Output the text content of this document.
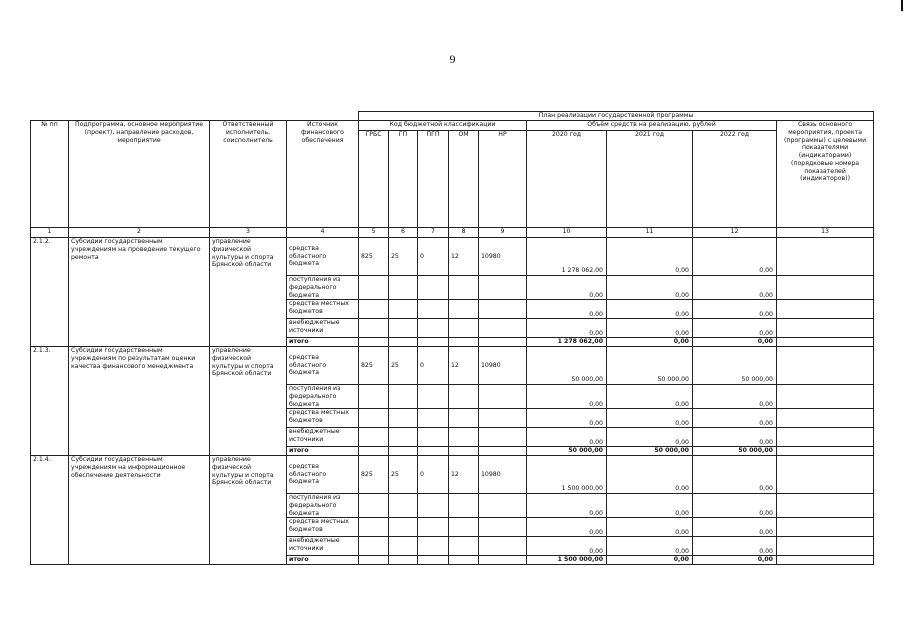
9
				План реализации государственной программы								
№ пп	Подпрограмма, основное мероприятие (проект), направление расходов, мероприятие	Ответственный исполнитель, соисполнитель	Источник финансового обеспечения	Код бюджетной классификации					Объём средств на реализацию, рублей			Связь основного мероприятия, проекта (программы) с целевыми показателями (индикаторами) (порядковые номера показателей (индикаторов))
				ГРБС	ГП	ПГП	ОМ	НР	2020 год	2021 год	2022 год	
1	2	3	4	5	6	7	8	9	10	11	12	13
2.1.2.	Субсидии государственным учреждениям на проведение текущего ремонта	управление физической культуры и спорта Брянской области	средства областного бюджета	825	25	0	12	10980	1 278 062,00	0,00	0,00	
			поступления из федерального бюджета						0,00	0,00	0,00	
			средства местных бюджетов						0,00	0,00	0,00	
			внебюджетные источники						0,00	0,00	0,00	
			итого						1 278 062,00	0,00	0,00	
2.1.3.	Субсидии государственным учреждениям по результатам оценки качества финансового менеджмента	управление физической культуры и спорта Брянской области	средства областного бюджета	825	25	0	12	10980	50 000,00	50 000,00	50 000,00	
			поступления из федерального бюджета						0,00	0,00	0,00	
			средства местных бюджетов						0,00	0,00	0,00	
			внебюджетные источники						0,00	0,00	0,00	
			итого						50 000,00	50 000,00	50 000,00	
2.1.4.	Субсидии государственным учреждениям на информационное обеспечение деятельности	управление физической культуры и спорта Брянской области	средства областного бюджета	825	25	0	12	10980	1 500 000,00	0,00	0,00	
			поступления из федерального бюджета						0,00	0,00	0,00	
			средства местных бюджетов						0,00	0,00	0,00	
			внебюджетные источники						0,00	0,00	0,00	
			итого						1 500 000,00	0,00	0,00	
